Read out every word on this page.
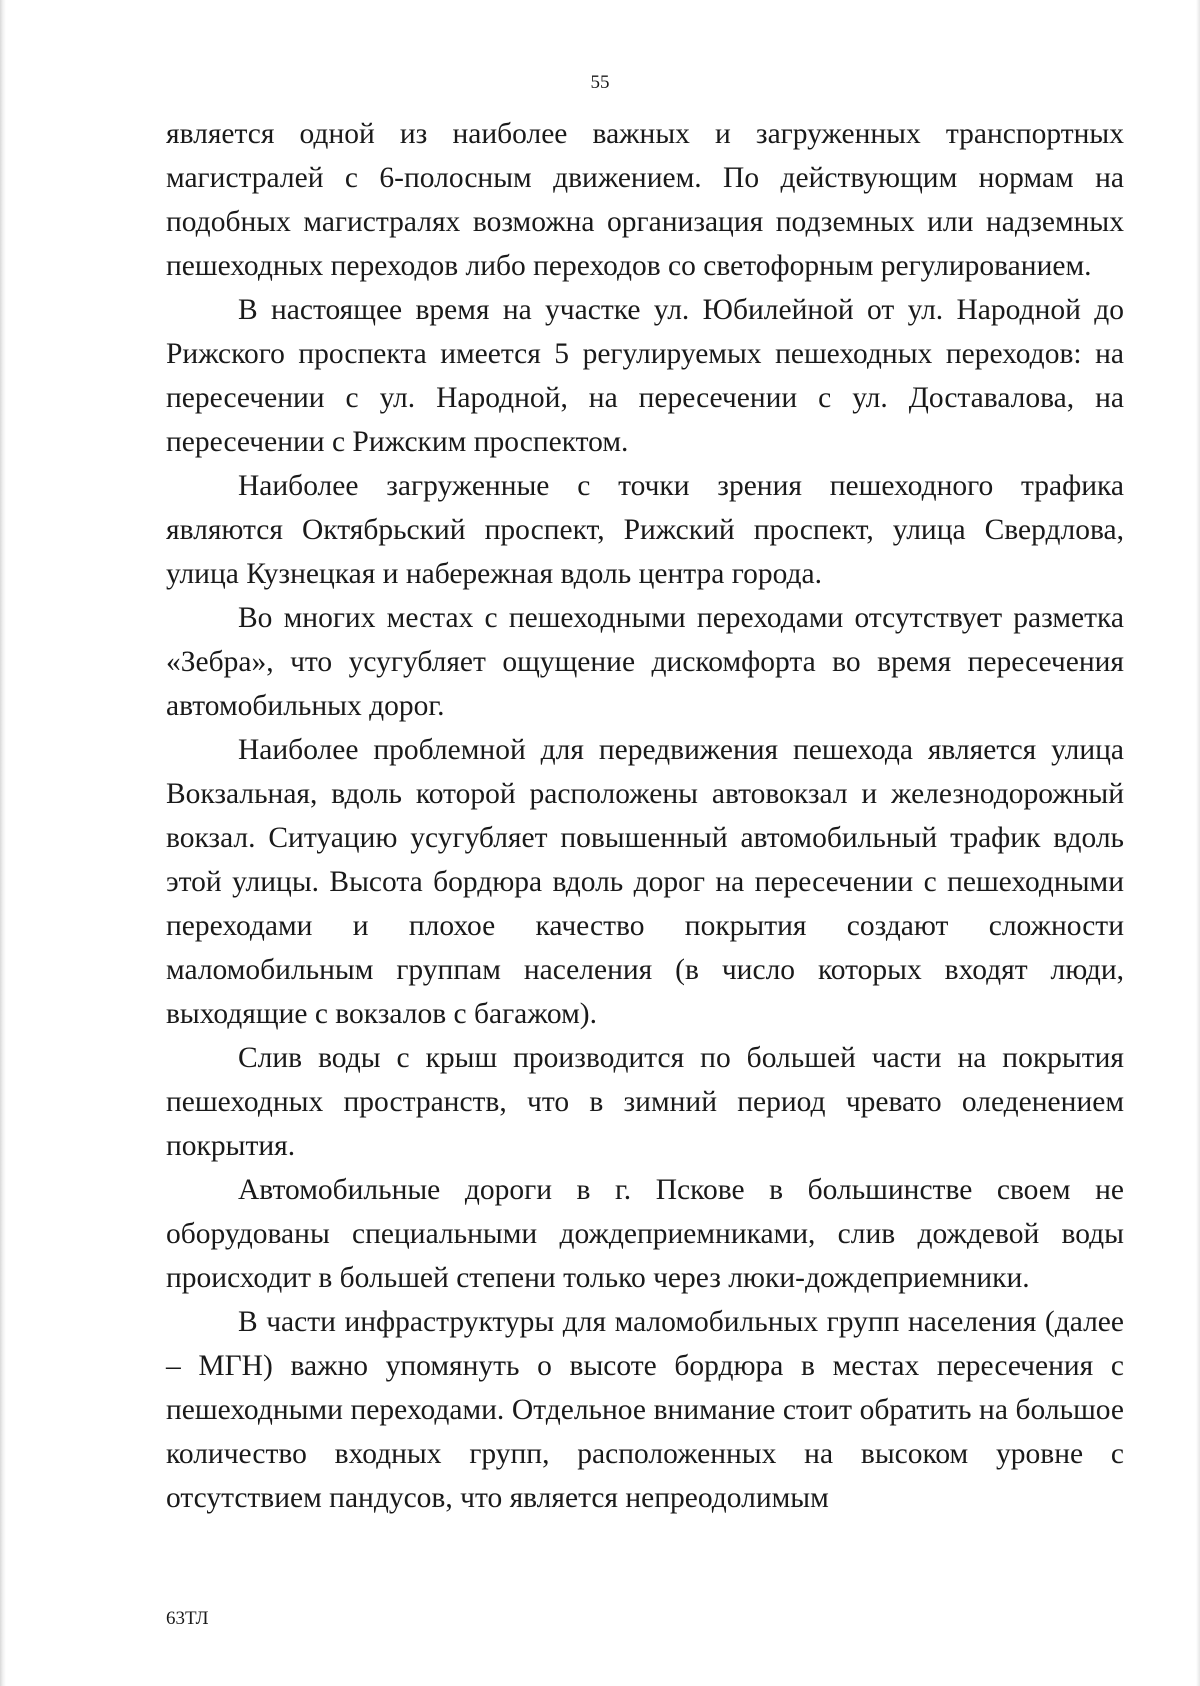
55

является одной из наиболее важных и загруженных транспортных магистралей с 6-полосным движением. По действующим нормам на подобных магистралях возможна организация подземных или надземных пешеходных переходов либо переходов со светофорным регулированием.

В настоящее время на участке ул. Юбилейной от ул. Народной до Рижского проспекта имеется 5 регулируемых пешеходных переходов: на пересечении с ул. Народной, на пересечении с ул. Доставалова, на пересечении с Рижским проспектом.

Наиболее загруженные с точки зрения пешеходного трафика являются Октябрьский проспект, Рижский проспект, улица Свердлова, улица Кузнецкая и набережная вдоль центра города.

Во многих местах с пешеходными переходами отсутствует разметка «Зебра», что усугубляет ощущение дискомфорта во время пересечения автомобильных дорог.

Наиболее проблемной для передвижения пешехода является улица Вокзальная, вдоль которой расположены автовокзал и железнодорожный вокзал. Ситуацию усугубляет повышенный автомобильный трафик вдоль этой улицы. Высота бордюра вдоль дорог на пересечении с пешеходными переходами и плохое качество покрытия создают сложности маломобильным группам населения (в число которых входят люди, выходящие с вокзалов с багажом).

Слив воды с крыш производится по большей части на покрытия пешеходных пространств, что в зимний период чревато оледенением покрытия.

Автомобильные дороги в г. Пскове в большинстве своем не оборудованы специальными дождеприемниками, слив дождевой воды происходит в большей степени только через люки-дождеприемники.

В части инфраструктуры для маломобильных групп населения (далее – МГН) важно упомянуть о высоте бордюра в местах пересечения с пешеходными переходами. Отдельное внимание стоит обратить на большое количество входных групп, расположенных на высоком уровне с отсутствием пандусов, что является непреодолимым

63ТЛ
